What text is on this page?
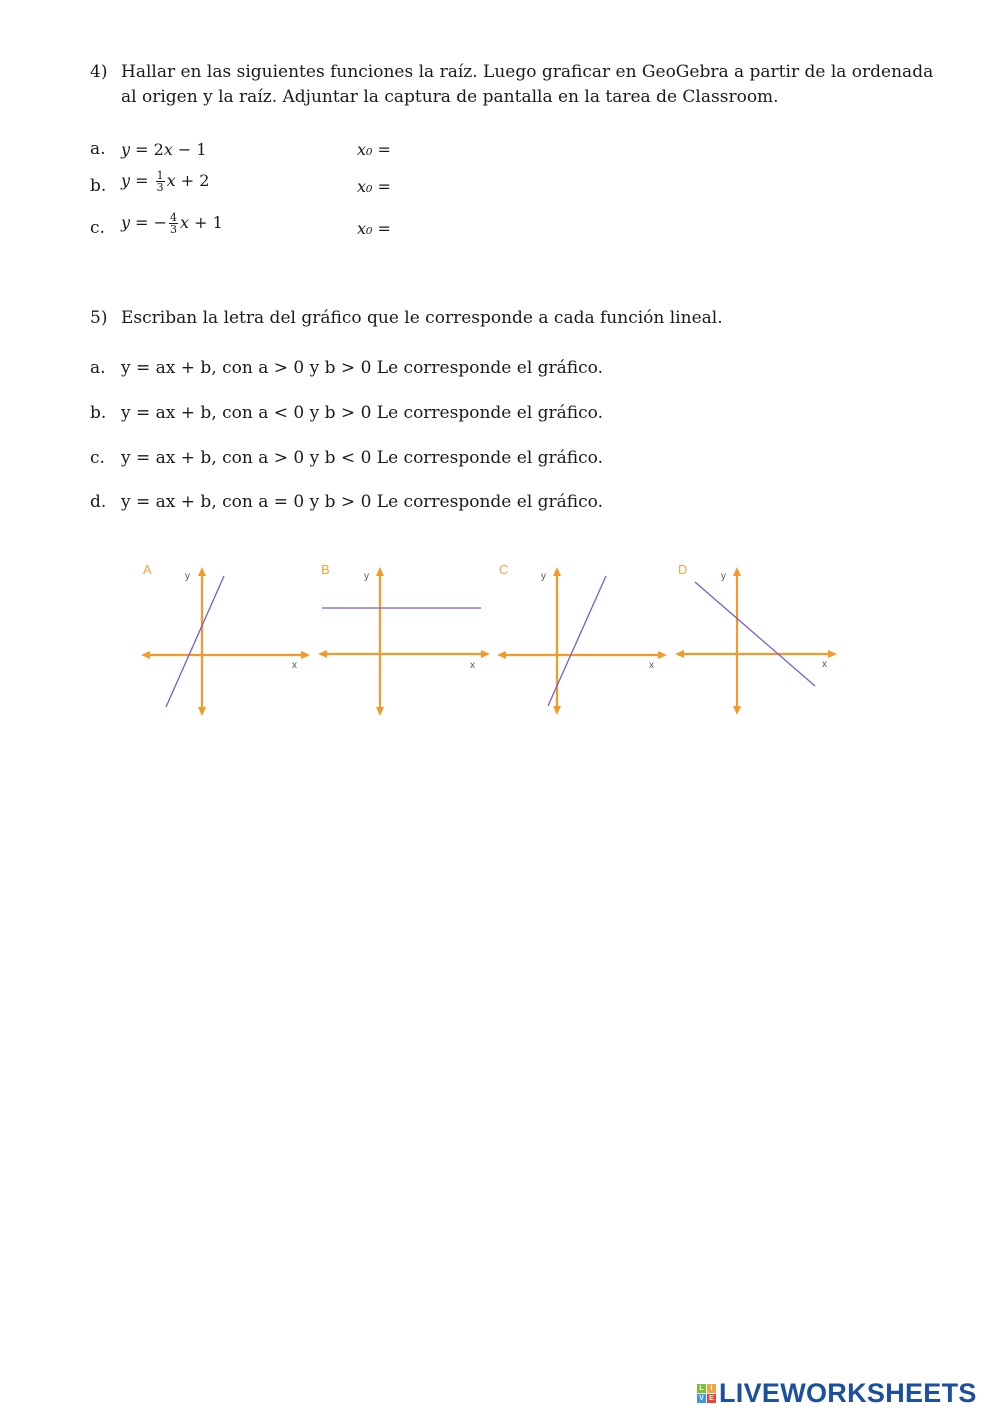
4) Hallar en las siguientes funciones la raíz. Luego graficar en GeoGebra a partir de la ordenada
al origen y la raíz. Adjuntar la captura de pantalla en la tarea de Classroom.
a. y = 2x − 1	x₀ =
b. $y = \frac{1}{3}$ x + 2	x₀ =
c. y = − $\frac{4}{3}$ x + 1	x₀ =
5) Escriban la letra del gráfico que le corresponde a cada función lineal.
a. y = ax + b, con a > 0 y b > 0 Le corresponde el gráfico.
b. y = ax + b, con a < 0 y b > 0 Le corresponde el gráfico.
c. y = ax + b, con a > 0 y b < 0 Le corresponde el gráfico.
d. y = ax + b, con a = 0 y b > 0 Le corresponde el gráfico.
A	y
x
B	y
x
C	y
x
D	y
x
L I
V E LIVEWORKSHEETS
